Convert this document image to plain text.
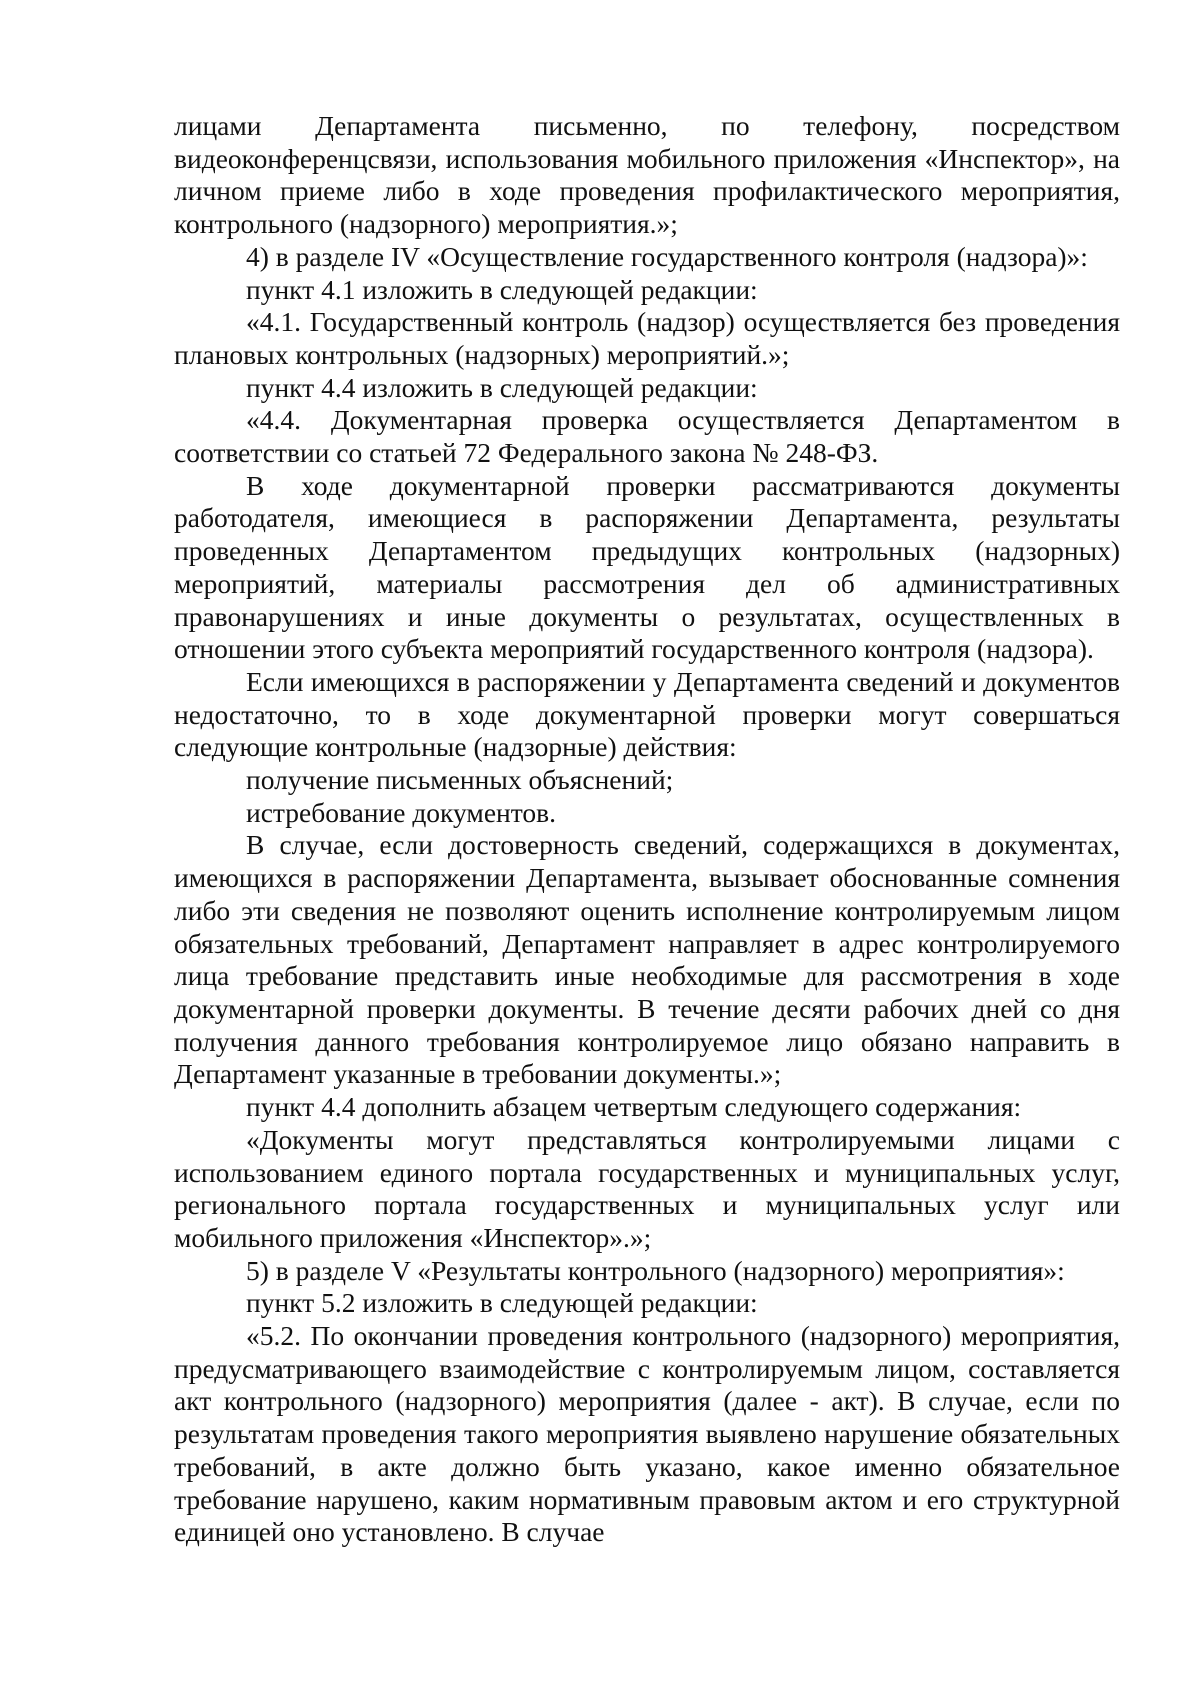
лицами Департамента письменно, по телефону, посредством видеоконференцсвязи, использования мобильного приложения «Инспектор», на личном приеме либо в ходе проведения профилактического мероприятия, контрольного (надзорного) мероприятия.»;

4) в разделе IV «Осуществление государственного контроля (надзора)»:

пункт 4.1 изложить в следующей редакции:

«4.1. Государственный контроль (надзор) осуществляется без проведения плановых контрольных (надзорных) мероприятий.»;

пункт 4.4 изложить в следующей редакции:

«4.4. Документарная проверка осуществляется Департаментом в соответствии со статьей 72 Федерального закона № 248-ФЗ.

В ходе документарной проверки рассматриваются документы работодателя, имеющиеся в распоряжении Департамента, результаты проведенных Департаментом предыдущих контрольных (надзорных) мероприятий, материалы рассмотрения дел об административных правонарушениях и иные документы о результатах, осуществленных в отношении этого субъекта мероприятий государственного контроля (надзора).

Если имеющихся в распоряжении у Департамента сведений и документов недостаточно, то в ходе документарной проверки могут совершаться следующие контрольные (надзорные) действия:

получение письменных объяснений;

истребование документов.

В случае, если достоверность сведений, содержащихся в документах, имеющихся в распоряжении Департамента, вызывает обоснованные сомнения либо эти сведения не позволяют оценить исполнение контролируемым лицом обязательных требований, Департамент направляет в адрес контролируемого лица требование представить иные необходимые для рассмотрения в ходе документарной проверки документы. В течение десяти рабочих дней со дня получения данного требования контролируемое лицо обязано направить в Департамент указанные в требовании документы.»;

пункт 4.4 дополнить абзацем четвертым следующего содержания:

«Документы могут представляться контролируемыми лицами с использованием единого портала государственных и муниципальных услуг, регионального портала государственных и муниципальных услуг или мобильного приложения «Инспектор».»;

5) в разделе V «Результаты контрольного (надзорного) мероприятия»:

пункт 5.2 изложить в следующей редакции:

«5.2. По окончании проведения контрольного (надзорного) мероприятия, предусматривающего взаимодействие с контролируемым лицом, составляется акт контрольного (надзорного) мероприятия (далее - акт). В случае, если по результатам проведения такого мероприятия выявлено нарушение обязательных требований, в акте должно быть указано, какое именно обязательное требование нарушено, каким нормативным правовым актом и его структурной единицей оно установлено. В случае
